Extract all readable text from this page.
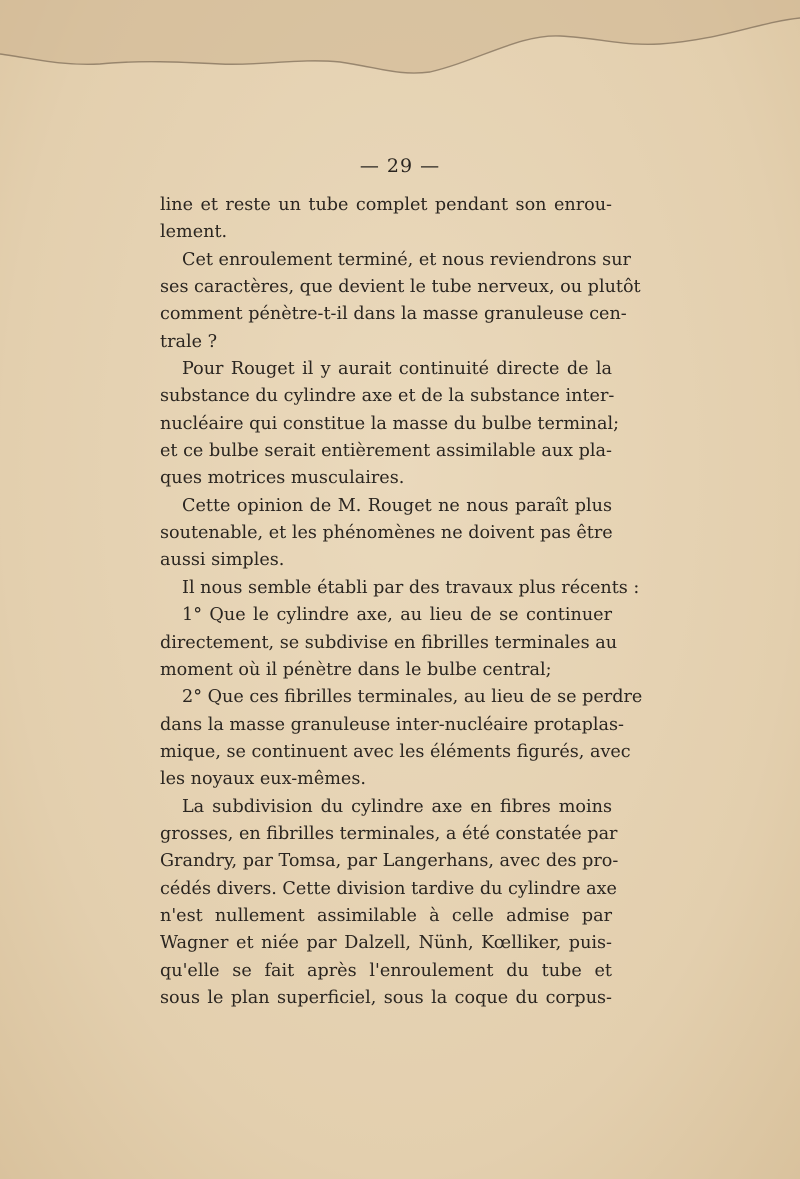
— 29 —
line et reste un tube complet pendant son enrou-
lement.
Cet enroulement terminé, et nous reviendrons sur
ses caractères, que devient le tube nerveux, ou plutôt
comment pénètre-t-il dans la masse granuleuse cen-
trale ?
Pour Rouget il y aurait continuité directe de la
substance du cylindre axe et de la substance inter-
nucléaire qui constitue la masse du bulbe terminal;
et ce bulbe serait entièrement assimilable aux pla-
ques motrices musculaires.
Cette opinion de M. Rouget ne nous paraît plus
soutenable, et les phénomènes ne doivent pas être
aussi simples.
Il nous semble établi par des travaux plus récents :
1° Que le cylindre axe, au lieu de se continuer
directement, se subdivise en fibrilles terminales au
moment où il pénètre dans le bulbe central;
2° Que ces fibrilles terminales, au lieu de se perdre
dans la masse granuleuse inter-nucléaire protaplas-
mique, se continuent avec les éléments figurés, avec
les noyaux eux-mêmes.
La subdivision du cylindre axe en fibres moins
grosses, en fibrilles terminales, a été constatée par
Grandry, par Tomsa, par Langerhans, avec des pro-
cédés divers. Cette division tardive du cylindre axe
n'est nullement assimilable à celle admise par
Wagner et niée par Dalzell, Nünh, Kœlliker, puis-
qu'elle se fait après l'enroulement du tube et
sous le plan superficiel, sous la coque du corpus-
